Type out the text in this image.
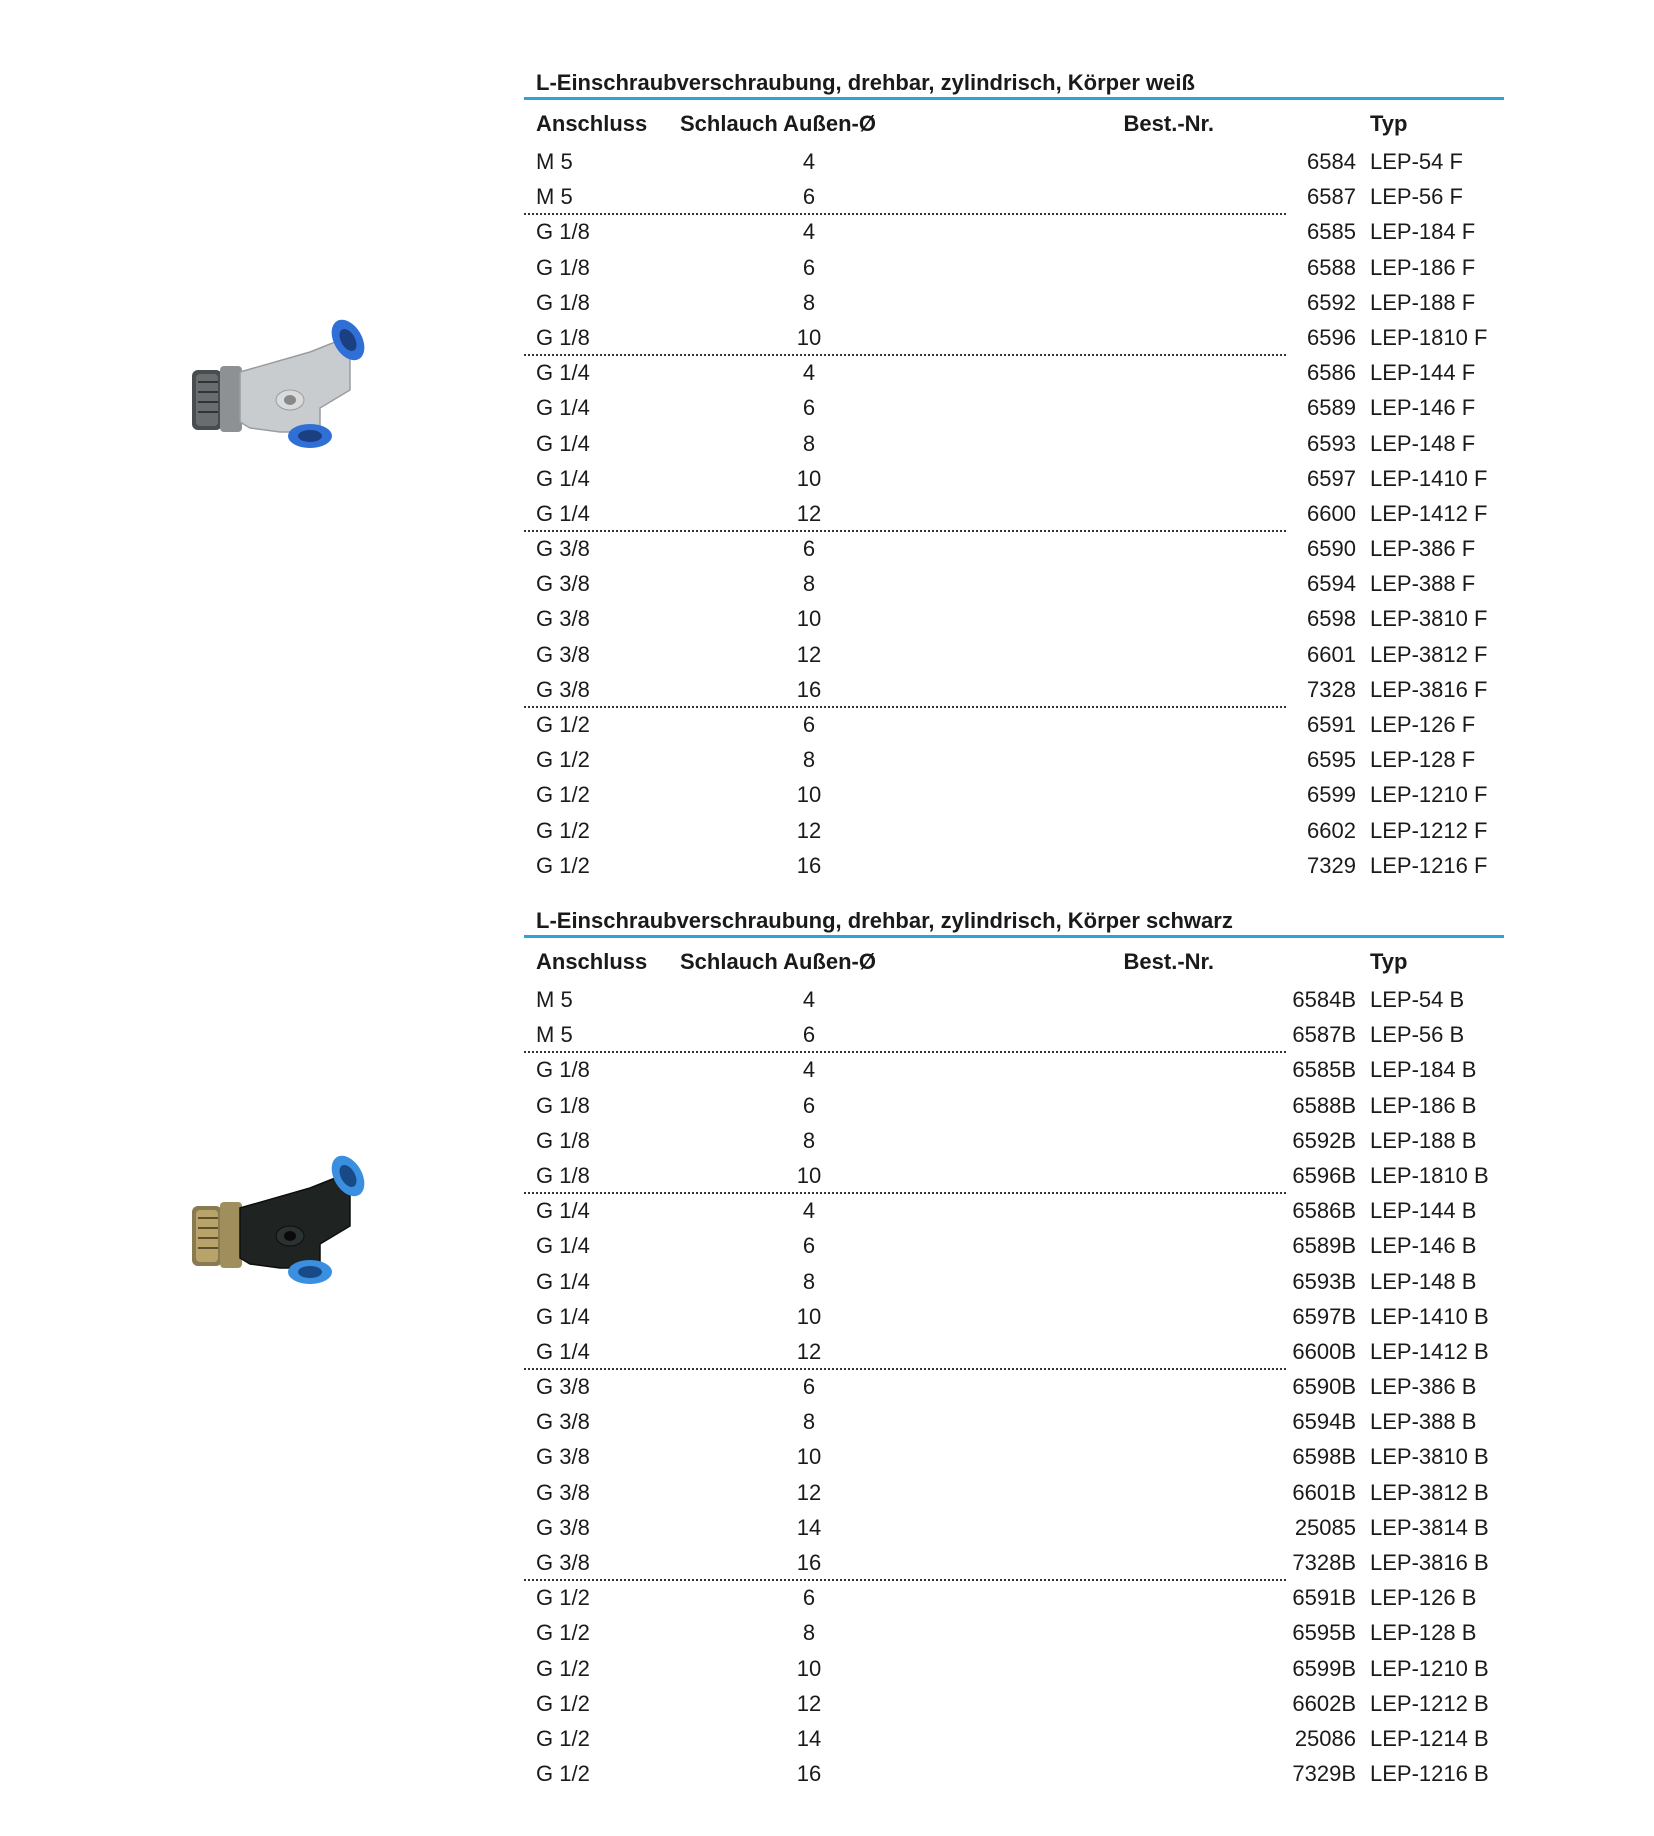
L-Einschraubverschraubung, drehbar, zylindrisch, Körper weiß
Anschluss Schlauch Außen-Ø	Best.-Nr.	Typ
M 5	4	6584 LEP-54 F
M 5	6	6587 LEP-56 F
G 1/8	4	6585 LEP-184 F
G 1/8	6	6588 LEP-186 F
G 1/8	8	6592 LEP-188 F
G 1/8	10	6596 LEP-1810 F
G 1/4	4	6586 LEP-144 F
G 1/4	6	6589 LEP-146 F
G 1/4	8	6593 LEP-148 F
G 1/4	10	6597 LEP-1410 F
G 1/4	12	6600 LEP-1412 F
G 3/8	6	6590 LEP-386 F
G 3/8	8	6594 LEP-388 F
G 3/8	10	6598 LEP-3810 F
G 3/8	12	6601 LEP-3812 F
G 3/8	16	7328 LEP-3816 F
G 1/2	6	6591 LEP-126 F
G 1/2	8	6595 LEP-128 F
G 1/2	10	6599 LEP-1210 F
G 1/2	12	6602 LEP-1212 F
G 1/2	16	7329 LEP-1216 F
L-Einschraubverschraubung, drehbar, zylindrisch, Körper schwarz
Anschluss Schlauch Außen-Ø	Best.-Nr.	Typ
M 5	4	6584B LEP-54 B
M 5	6	6587B LEP-56 B
G 1/8	4	6585B LEP-184 B
G 1/8	6	6588B LEP-186 B
G 1/8	8	6592B LEP-188 B
G 1/8	10	6596B LEP-1810 B
G 1/4	4	6586B LEP-144 B
G 1/4	6	6589B LEP-146 B
G 1/4	8	6593B LEP-148 B
G 1/4	10	6597B LEP-1410 B
G 1/4	12	6600B LEP-1412 B
G 3/8	6	6590B LEP-386 B
G 3/8	8	6594B LEP-388 B
G 3/8	10	6598B LEP-3810 B
G 3/8	12	6601B LEP-3812 B
G 3/8	14	25085 LEP-3814 B
G 3/8	16	7328B LEP-3816 B
G 1/2	6	6591B LEP-126 B
G 1/2	8	6595B LEP-128 B
G 1/2	10	6599B LEP-1210 B
G 1/2	12	6602B LEP-1212 B
G 1/2	14	25086 LEP-1214 B
G 1/2	16	7329B LEP-1216 B
